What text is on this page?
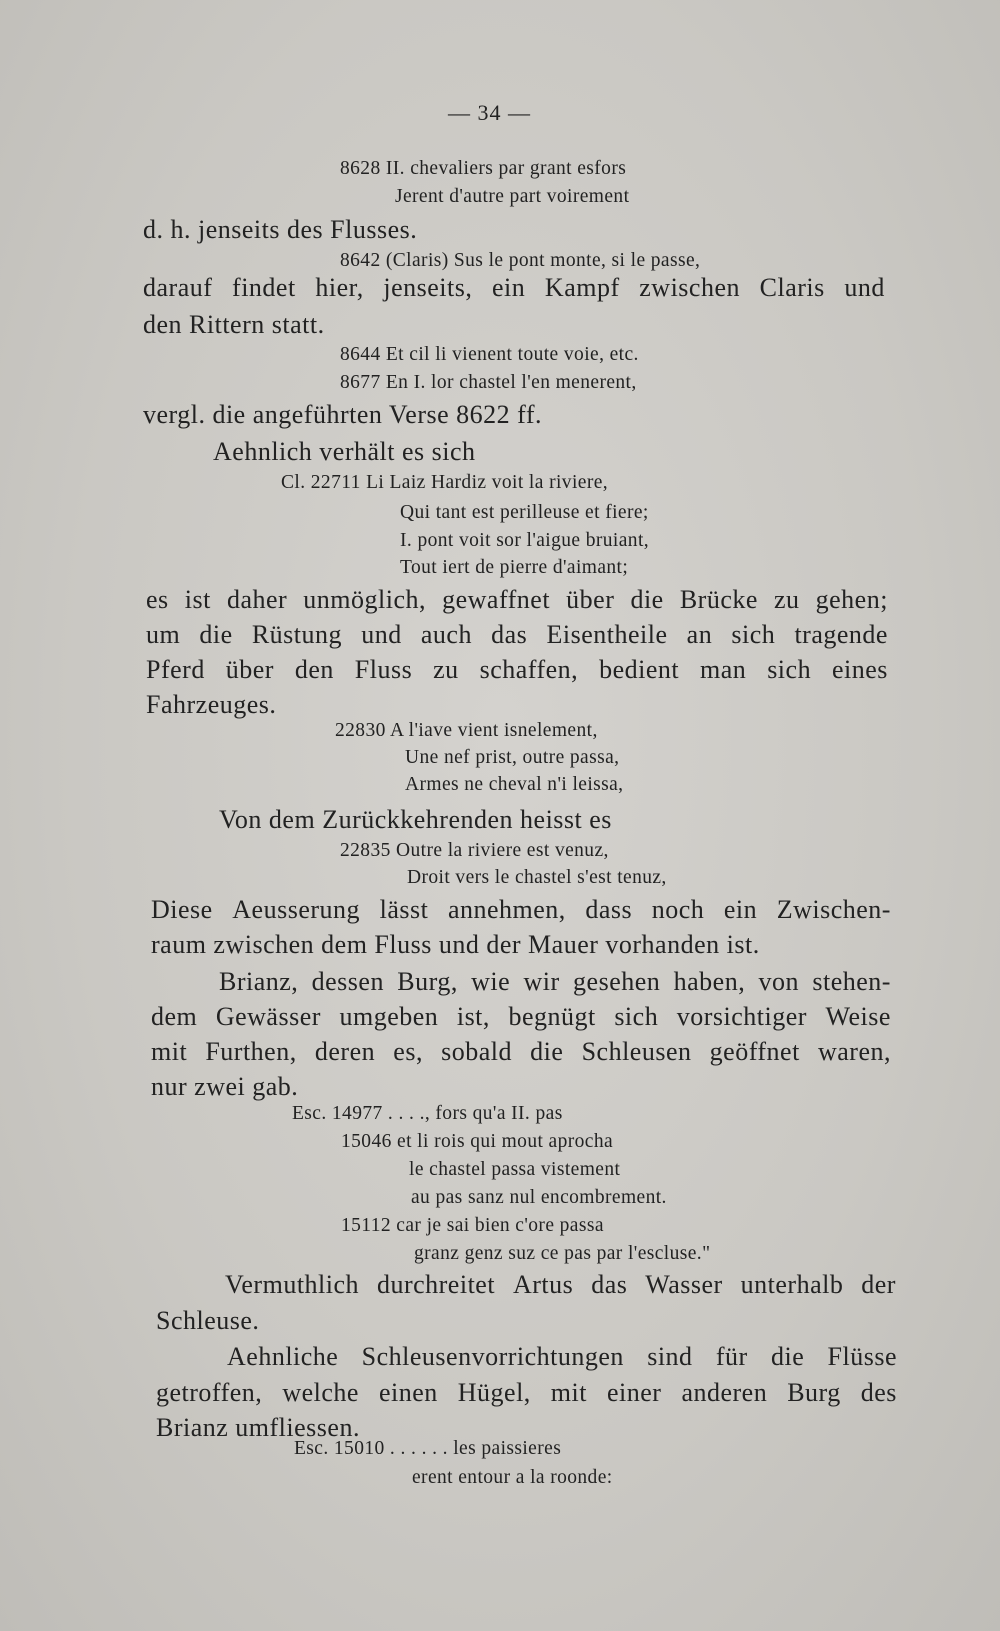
— 34 —
8628 II. chevaliers par grant esfors
Jerent d'autre part voirement
d. h. jenseits des Flusses.
8642 (Claris) Sus le pont monte, si le passe,
darauf findet hier, jenseits, ein Kampf zwischen Claris und
den Rittern statt.
8644 Et cil li vienent toute voie, etc.
8677 En I. lor chastel l'en menerent,
vergl. die angeführten Verse 8622 ff.
Aehnlich verhält es sich
Cl. 22711 Li Laiz Hardiz voit la riviere,
Qui tant est perilleuse et fiere;
I. pont voit sor l'aigue bruiant,
Tout iert de pierre d'aimant;
es ist daher unmöglich, gewaffnet über die Brücke zu gehen;
um die Rüstung und auch das Eisentheile an sich tragende
Pferd über den Fluss zu schaffen, bedient man sich eines
Fahrzeuges.
22830 A l'iave vient isnelement,
Une nef prist, outre passa,
Armes ne cheval n'i leissa,
Von dem Zurückkehrenden heisst es
22835 Outre la riviere est venuz,
Droit vers le chastel s'est tenuz,
Diese Aeusserung lässt annehmen, dass noch ein Zwischen-
raum zwischen dem Fluss und der Mauer vorhanden ist.
Brianz, dessen Burg, wie wir gesehen haben, von stehen-
dem Gewässer umgeben ist, begnügt sich vorsichtiger Weise
mit Furthen, deren es, sobald die Schleusen geöffnet waren,
nur zwei gab.
Esc. 14977 . . . ., fors qu'a II. pas
15046 et li rois qui mout aprocha
le chastel passa vistement
au pas sanz nul encombrement.
15112 car je sai bien c'ore passa
granz genz suz ce pas par l'escluse."
Vermuthlich durchreitet Artus das Wasser unterhalb der
Schleuse.
Aehnliche Schleusenvorrichtungen sind für die Flüsse
getroffen, welche einen Hügel, mit einer anderen Burg des
Brianz umfliessen.
Esc. 15010 . . . . . . les paissieres
erent entour a la roonde:
